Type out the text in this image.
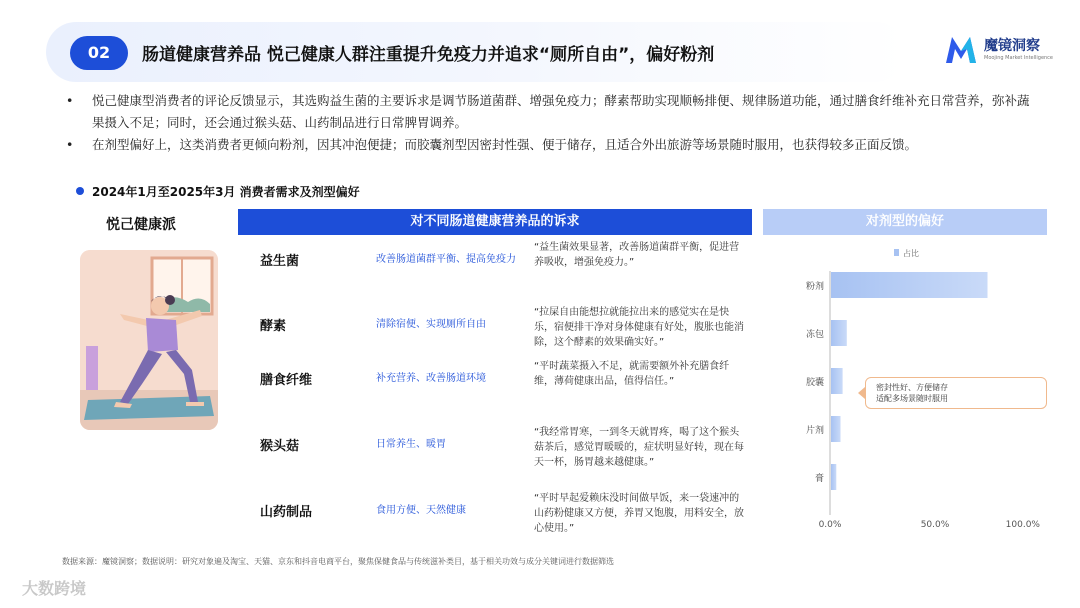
02	肠道健康营养品 悦己健康人群注重提升免疫力并追求“厕所自由”，偏好粉剂	魔镜洞察
Moojing Market Intelligence
• 悦己健康型消费者的评论反馈显示，其选购益生菌的主要诉求是调节肠道菌群、增强免疫力；酵素帮助实现顺畅排便、规律肠道功能，通过膳食纤维补充日常营养，弥补蔬果摄入不足；同时，还会通过猴头菇、山药制品进行日常脾胃调养。
• 在剂型偏好上，这类消费者更倾向粉剂，因其冲泡便捷；而胶囊剂型因密封性强、便于储存，且适合外出旅游等场景随时服用，也获得较多正面反馈。
2024年1月至2025年3月 消费者需求及剂型偏好
悦己健康派	对不同肠道健康营养品的诉求
益生菌	改善肠道菌群平衡、提高免疫力
“益生菌效果显著，改善肠道菌群平衡，促进营养吸收，增强免疫力。”
酵素	清除宿便、实现厕所自由
“拉屎自由能想拉就能拉出来的感觉实在是快乐，宿便排干净对身体健康有好处，腹胀也能消除，这个酵素的效果确实好。”
膳食纤维	补充营养、改善肠道环境
“平时蔬菜摄入不足，就需要额外补充膳食纤维，薄荷健康出品，值得信任。”
猴头菇	日常养生、暖胃
“我经常胃寒，一到冬天就胃疼，喝了这个猴头菇茶后，感觉胃暖暖的，症状明显好转，现在每天一杯，肠胃越来越健康。”
山药制品	食用方便、天然健康
“平时早起爱赖床没时间做早饭，来一袋速冲的山药粉健康又方便，养胃又饱腹，用料安全，放心使用。”
对剂型的偏好
占比
粉剂
冻包
胶囊
片剂
膏
0.0%	50.0%	100.0%
密封性好、方便储存
适配多场景随时服用
数据来源：魔镜洞察；数据说明：研究对象遍及淘宝、天猫、京东和抖音电商平台，聚焦保健食品与传统滋补类目，基于相关功效与成分关键词进行数据筛选
大数跨境
